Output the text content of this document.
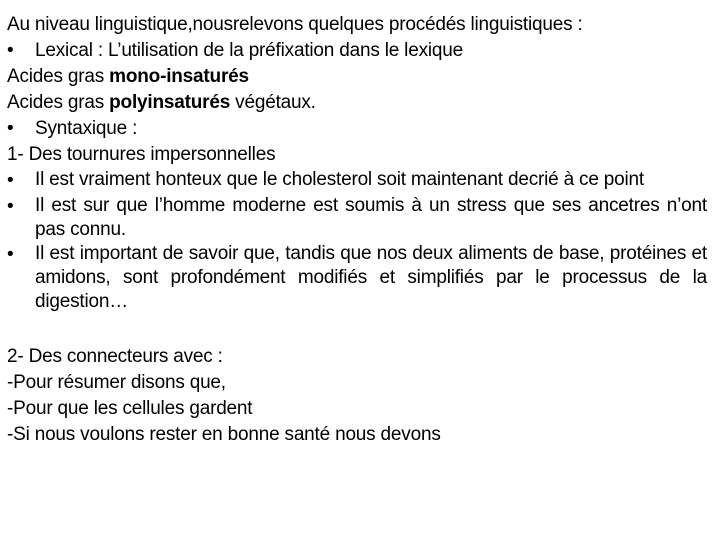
Au niveau linguistique,nousrelevons quelques procédés linguistiques :
•	Lexical : L’utilisation de la préfixation dans le lexique
Acides gras mono-insaturés
Acides gras polyinsaturés végétaux.
•	Syntaxique :
1- Des tournures impersonnelles
•	Il est vraiment honteux que le cholesterol soit maintenant decrié à ce point
•	Il est sur que l’homme moderne est soumis à un stress que ses ancetres n’ont pas connu.
•	Il est important de savoir que, tandis que nos deux aliments de base, protéines et amidons, sont profondément modifiés et simplifiés par le processus de la digestion…
2- Des connecteurs avec :
-Pour résumer disons que,
-Pour que les cellules gardent
-Si nous voulons rester en bonne santé nous devons
